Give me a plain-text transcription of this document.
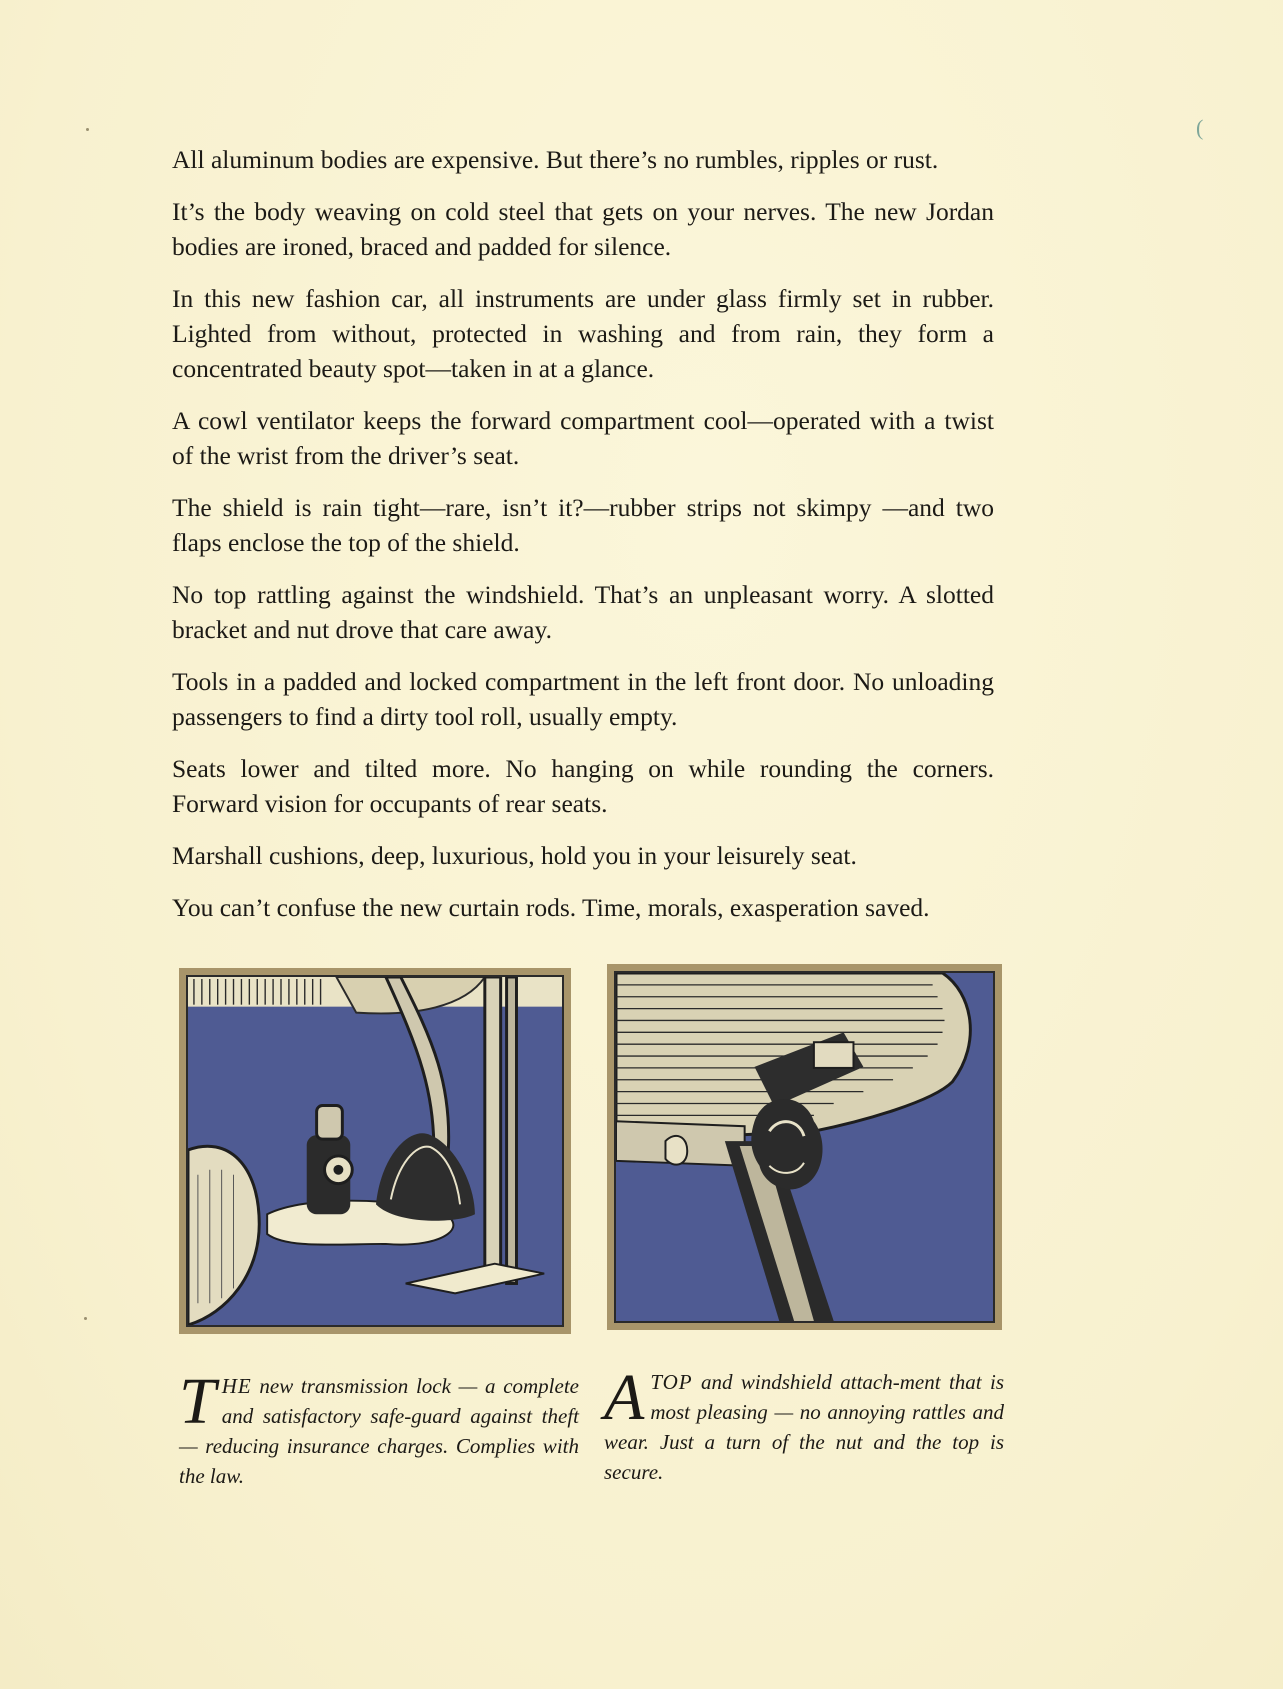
(

All aluminum bodies are expensive. But there’s no rumbles, ripples or rust.

It’s the body weaving on cold steel that gets on your nerves. The new Jordan bodies are ironed, braced and padded for silence.

In this new fashion car, all instruments are under glass firmly set in rubber. Lighted from without, protected in washing and from rain, they form a concentrated beauty spot—taken in at a glance.

A cowl ventilator keeps the forward compartment cool—operated with a twist of the wrist from the driver’s seat.

The shield is rain tight—rare, isn’t it?—rubber strips not skimpy —and two flaps enclose the top of the shield.

No top rattling against the windshield. That’s an unpleasant worry. A slotted bracket and nut drove that care away.

Tools in a padded and locked compartment in the left front door. No unloading passengers to find a dirty tool roll, usually empty.

Seats lower and tilted more. No hanging on while rounding the corners. Forward vision for occupants of rear seats.

Marshall cushions, deep, luxurious, hold you in your leisurely seat.

You can’t confuse the new curtain rods. Time, morals, exasperation saved.

THE new transmission lock — a complete and satisfactory safe-guard against theft— reducing insurance charges. Complies with the law.

ATOP and windshield attach-ment that is most pleasing — no annoying rattles and wear. Just a turn of the nut and the top is secure.
